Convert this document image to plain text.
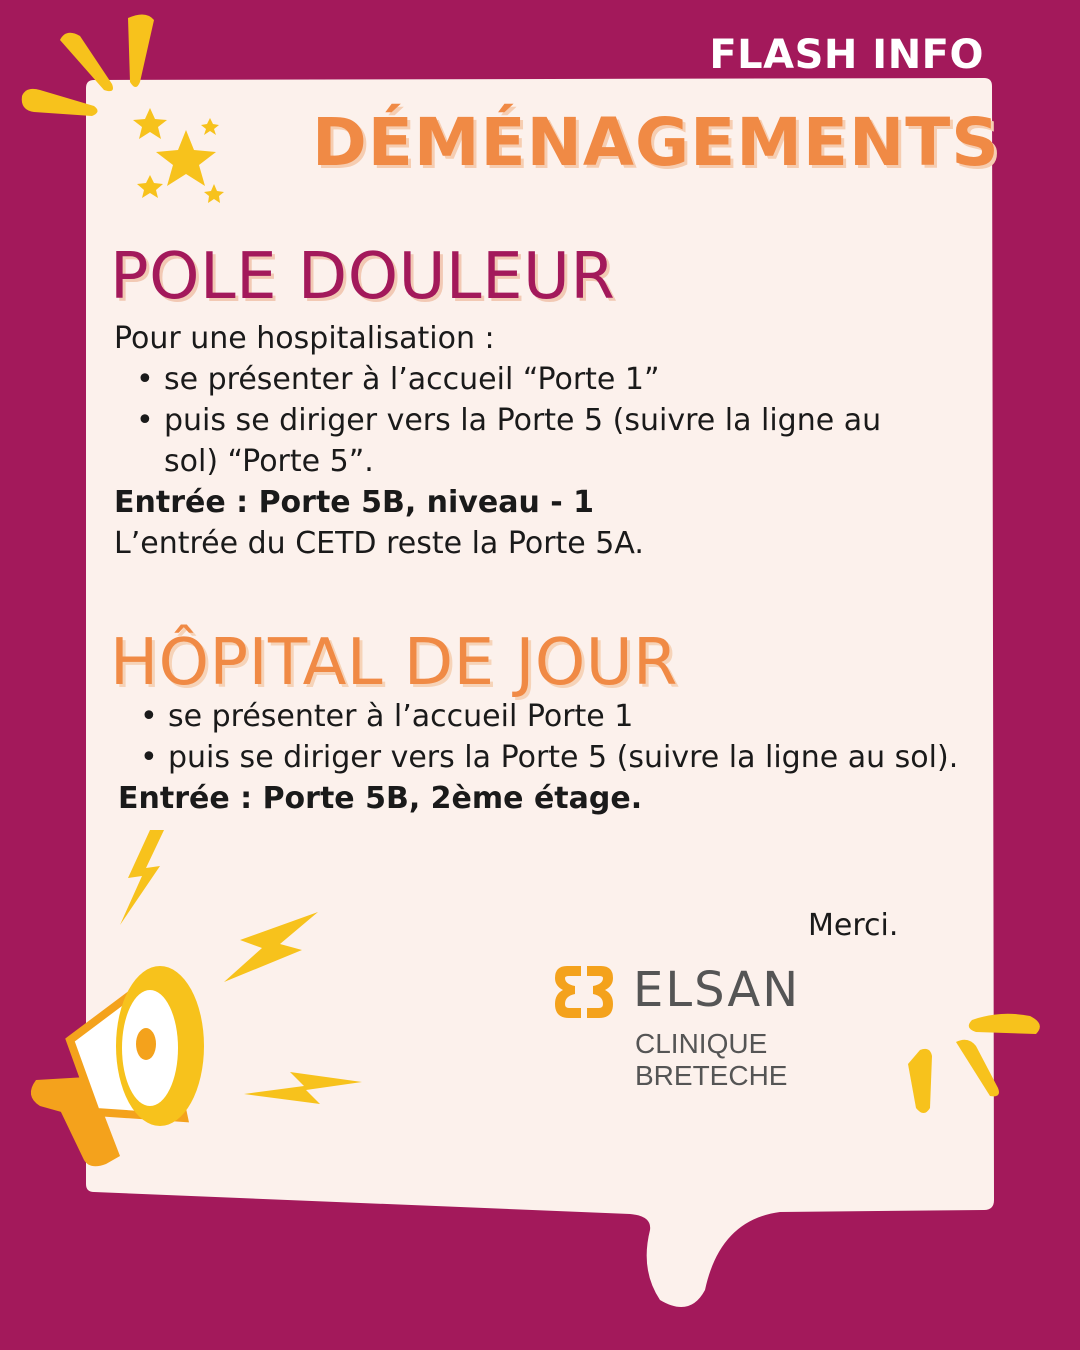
FLASH INFO
DÉMÉNAGEMENTS
POLE DOULEUR
Pour une hospitalisation :
• se présenter à l’accueil “Porte 1”
• puis se diriger vers la Porte 5 (suivre la ligne au sol) “Porte 5”.
Entrée : Porte 5B, niveau - 1
L’entrée du CETD reste la Porte 5A.
HÔPITAL DE JOUR
• se présenter à l’accueil Porte 1
• puis se diriger vers la Porte 5 (suivre la ligne au sol).
Entrée : Porte 5B, 2ème étage.
Merci.
ELSAN
CLINIQUE BRETECHE
